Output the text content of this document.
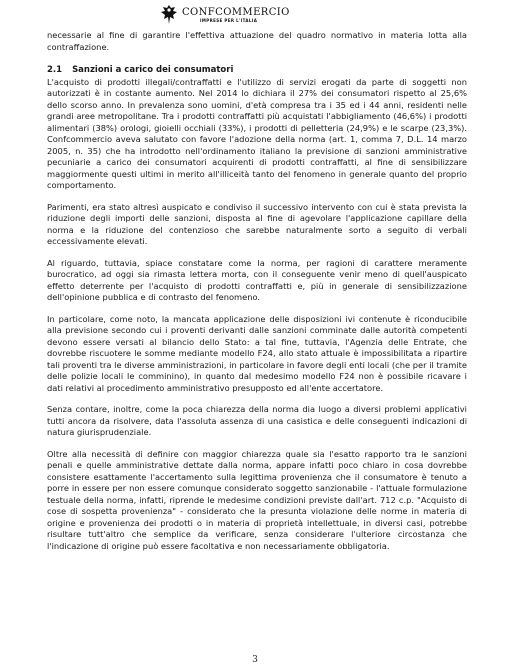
CONFCOMMERCIO
IMPRESE PER L'ITALIA

necessarie al fine di garantire l'effettiva attuazione del quadro normativo in materia lotta alla contraffazione.

2.1 Sanzioni a carico dei consumatori

L'acquisto di prodotti illegali/contraffatti e l'utilizzo di servizi erogati da parte di soggetti non autorizzati è in costante aumento. Nel 2014 lo dichiara il 27% dei consumatori rispetto al 25,6% dello scorso anno. In prevalenza sono uomini, d'età compresa tra i 35 ed i 44 anni, residenti nelle grandi aree metropolitane. Tra i prodotti contraffatti più acquistati l'abbigliamento (46,6%) i prodotti alimentari (38%) orologi, gioielli occhiali (33%), i prodotti di pelletteria (24,9%) e le scarpe (23,3%). Confcommercio aveva salutato con favore l'adozione della norma (art. 1, comma 7, D.L. 14 marzo 2005, n. 35) che ha introdotto nell'ordinamento italiano la previsione di sanzioni amministrative pecuniarie a carico dei consumatori acquirenti di prodotti contraffatti, al fine di sensibilizzare maggiormente questi ultimi in merito all'illiceità tanto del fenomeno in generale quanto del proprio comportamento.

Parimenti, era stato altresì auspicato e condiviso il successivo intervento con cui è stata prevista la riduzione degli importi delle sanzioni, disposta al fine di agevolare l'applicazione capillare della norma e la riduzione del contenzioso che sarebbe naturalmente sorto a seguito di verbali eccessivamente elevati.

Al riguardo, tuttavia, spiace constatare come la norma, per ragioni di carattere meramente burocratico, ad oggi sia rimasta lettera morta, con il conseguente venir meno di quell'auspicato effetto deterrente per l'acquisto di prodotti contraffatti e, più in generale di sensibilizzazione dell'opinione pubblica e di contrasto del fenomeno.

In particolare, come noto, la mancata applicazione delle disposizioni ivi contenute è riconducibile alla previsione secondo cui i proventi derivanti dalle sanzioni comminate dalle autorità competenti devono essere versati al bilancio dello Stato: a tal fine, tuttavia, l'Agenzia delle Entrate, che dovrebbe riscuotere le somme mediante modello F24, allo stato attuale è impossibilitata a ripartire tali proventi tra le diverse amministrazioni, in particolare in favore degli enti locali (che per il tramite delle polizie locali le comminino), in quanto dal medesimo modello F24 non è possibile ricavare i dati relativi al procedimento amministrativo presupposto ed all'ente accertatore.

Senza contare, inoltre, come la poca chiarezza della norma dia luogo a diversi problemi applicativi tutti ancora da risolvere, data l'assoluta assenza di una casistica e delle conseguenti indicazioni di natura giurisprudenziale.

Oltre alla necessità di definire con maggior chiarezza quale sia l'esatto rapporto tra le sanzioni penali e quelle amministrative dettate dalla norma, appare infatti poco chiaro in cosa dovrebbe consistere esattamente l'accertamento sulla legittima provenienza che il consumatore è tenuto a porre in essere per non essere comunque considerato soggetto sanzionabile - l'attuale formulazione testuale della norma, infatti, riprende le medesime condizioni previste dall'art. 712 c.p. "Acquisto di cose di sospetta provenienza" - considerato che la presunta violazione delle norme in materia di origine e provenienza dei prodotti o in materia di proprietà intellettuale, in diversi casi, potrebbe risultare tutt'altro che semplice da verificare, senza considerare l'ulteriore circostanza che l'indicazione di origine può essere facoltativa e non necessariamente obbligatoria.

3
